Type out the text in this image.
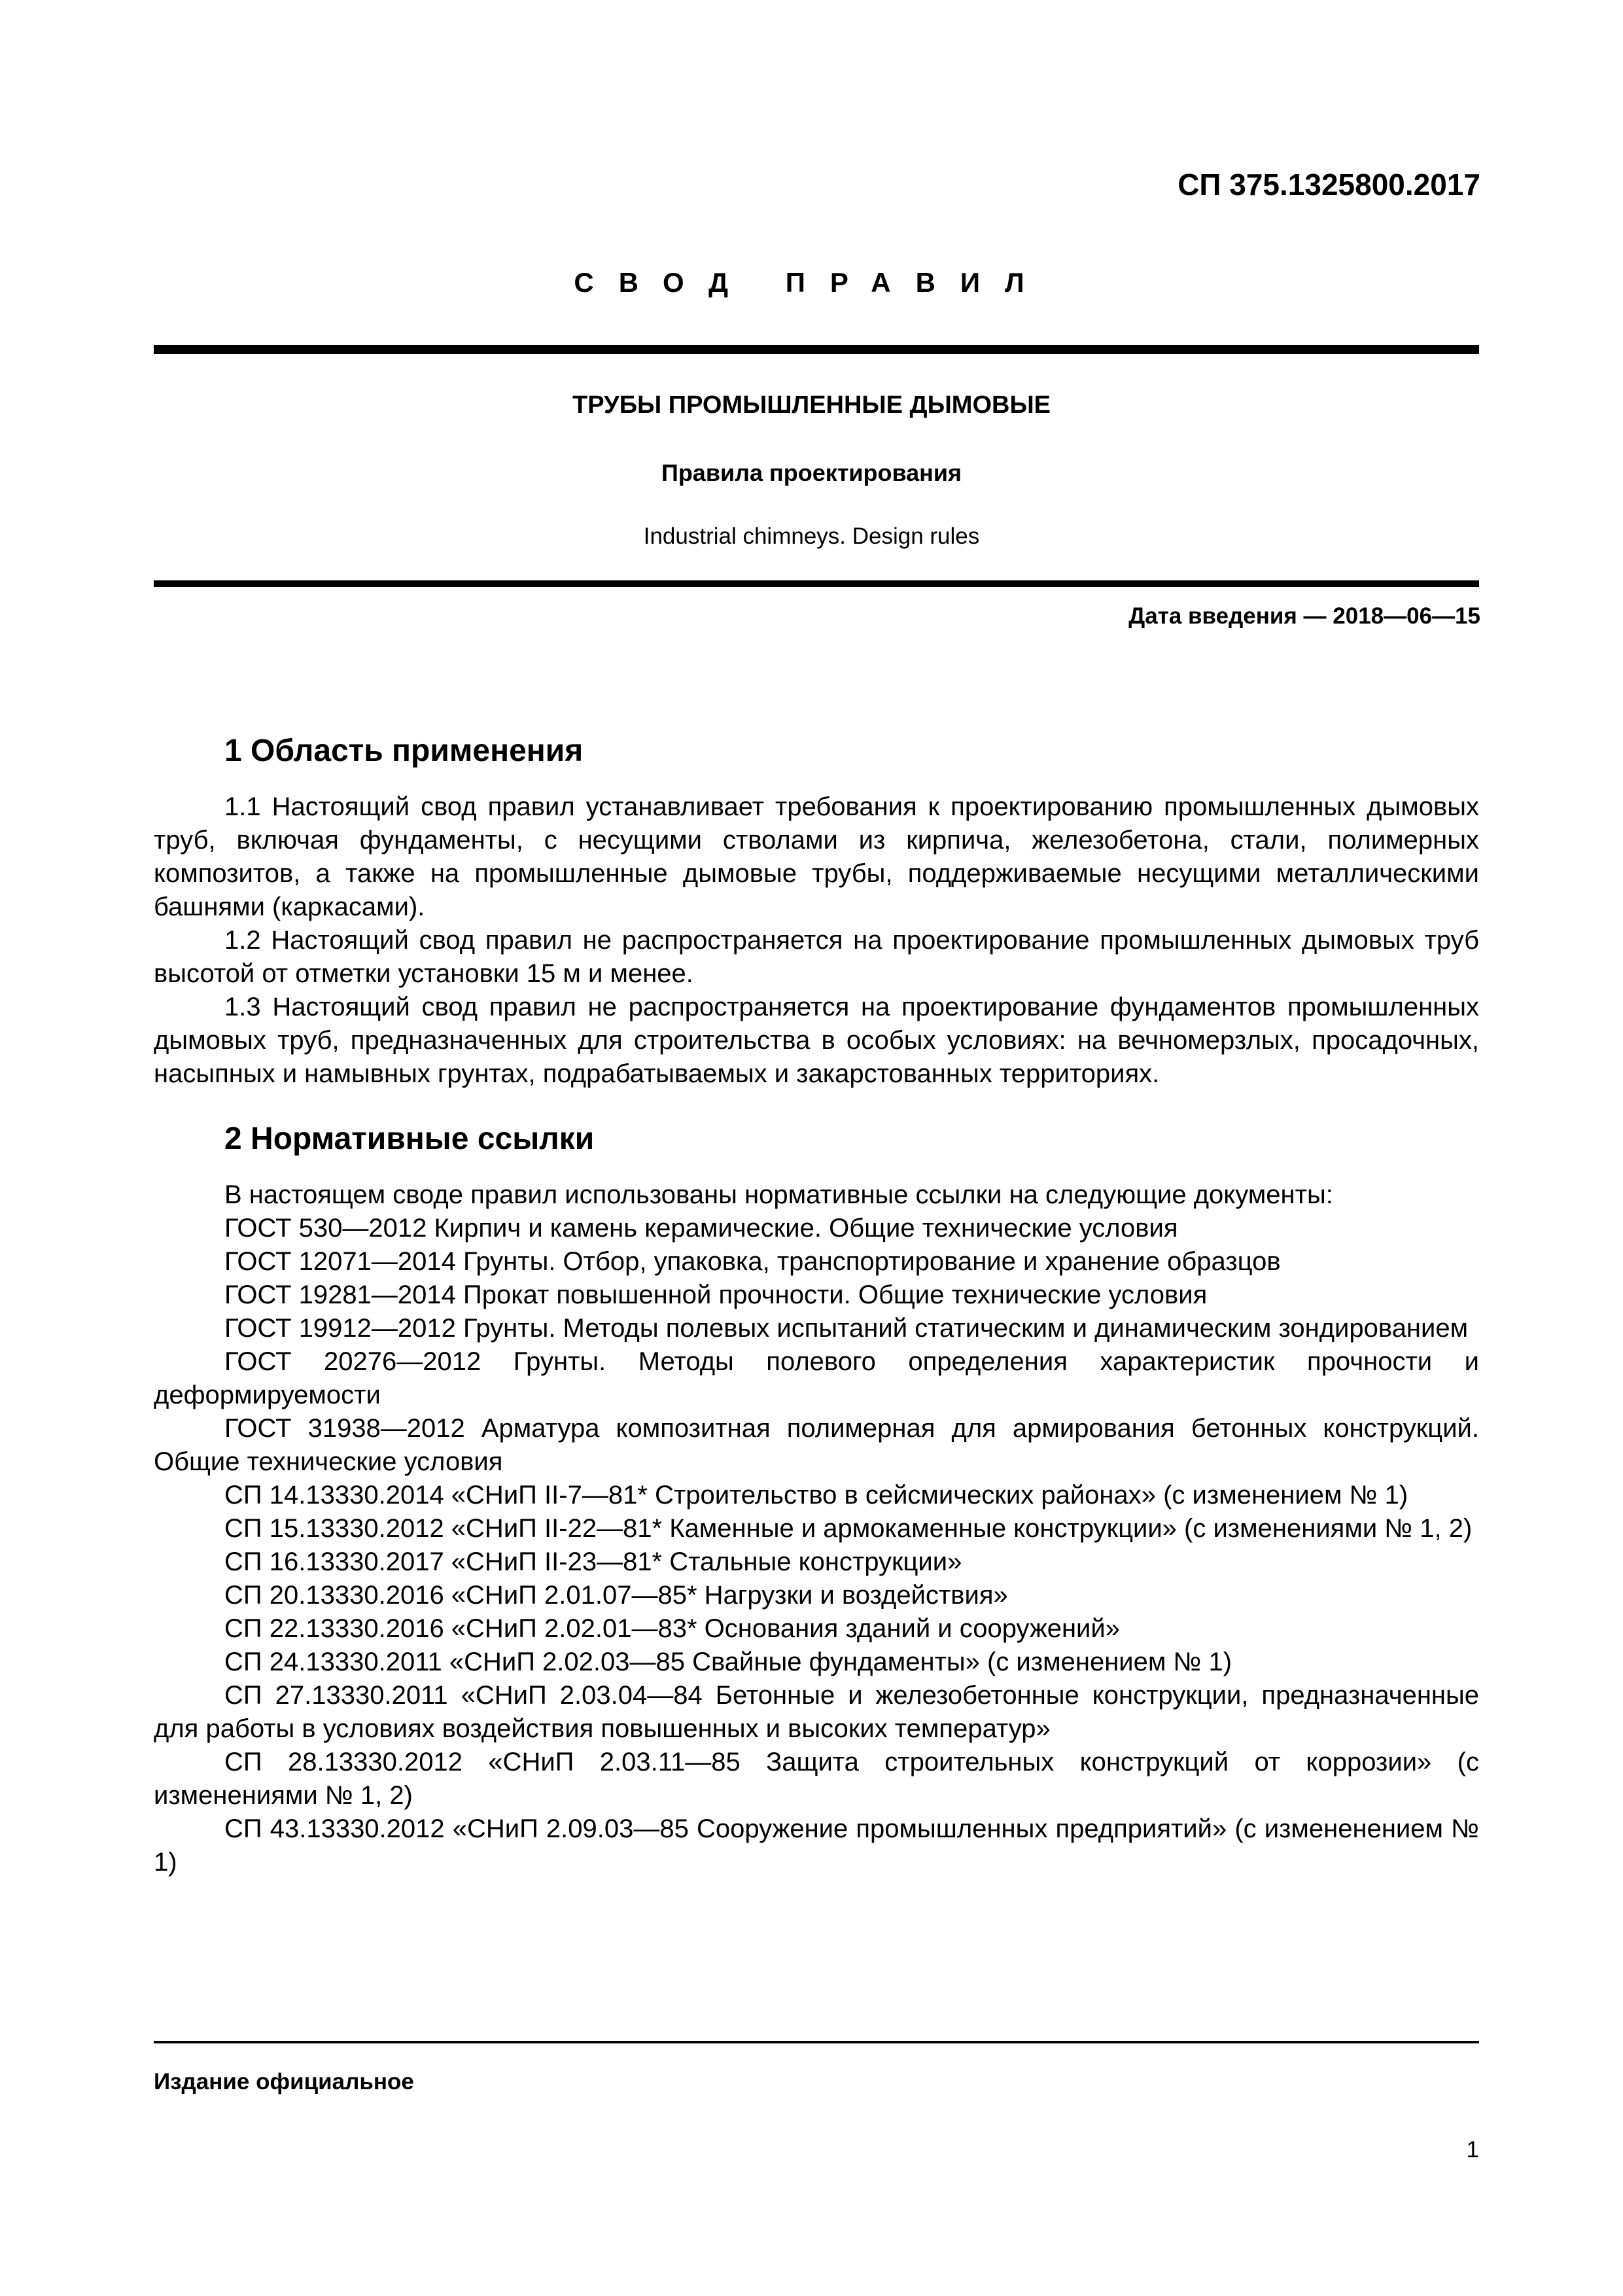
СП 375.1325800.2017
СВОД ПРАВИЛ
ТРУБЫ ПРОМЫШЛЕННЫЕ ДЫМОВЫЕ
Правила проектирования
Industrial chimneys. Design rules
Дата введения — 2018—06—15
1 Область применения

1.1 Настоящий свод правил устанавливает требования к проектированию промышленных дымовых труб, включая фундаменты, с несущими стволами из кирпича, железобетона, стали, полимерных композитов, а также на промышленные дымовые трубы, поддерживаемые несущими металлическими башнями (каркасами).

1.2 Настоящий свод правил не распространяется на проектирование промышленных дымовых труб высотой от отметки установки 15 м и менее.

1.3 Настоящий свод правил не распространяется на проектирование фундаментов промышленных дымовых труб, предназначенных для строительства в особых условиях: на вечномерзлых, просадочных, насыпных и намывных грунтах, подрабатываемых и закарстованных территориях.

2 Нормативные ссылки

В настоящем своде правил использованы нормативные ссылки на следующие документы:

ГОСТ 530—2012 Кирпич и камень керамические. Общие технические условия

ГОСТ 12071—2014 Грунты. Отбор, упаковка, транспортирование и хранение образцов

ГОСТ 19281—2014 Прокат повышенной прочности. Общие технические условия

ГОСТ 19912—2012 Грунты. Методы полевых испытаний статическим и динамическим зондированием

ГОСТ 20276—2012 Грунты. Методы полевого определения характеристик прочности и деформируемости

ГОСТ 31938—2012 Арматура композитная полимерная для армирования бетонных конструкций. Общие технические условия

СП 14.13330.2014 «СНиП II-7—81* Строительство в сейсмических районах» (с изменением № 1)

СП 15.13330.2012 «СНиП II-22—81* Каменные и армокаменные конструкции» (с изменениями № 1, 2)

СП 16.13330.2017 «СНиП II-23—81* Стальные конструкции»

СП 20.13330.2016 «СНиП 2.01.07—85* Нагрузки и воздействия»

СП 22.13330.2016 «СНиП 2.02.01—83* Основания зданий и сооружений»

СП 24.13330.2011 «СНиП 2.02.03—85 Свайные фундаменты» (с изменением № 1)

СП 27.13330.2011 «СНиП 2.03.04—84 Бетонные и железобетонные конструкции, предназначенные для работы в условиях воздействия повышенных и высоких температур»

СП 28.13330.2012 «СНиП 2.03.11—85 Защита строительных конструкций от коррозии» (с изменениями № 1, 2)

СП 43.13330.2012 «СНиП 2.09.03—85 Сооружение промышленных предприятий» (с измененением № 1)

Издание официальное
1
